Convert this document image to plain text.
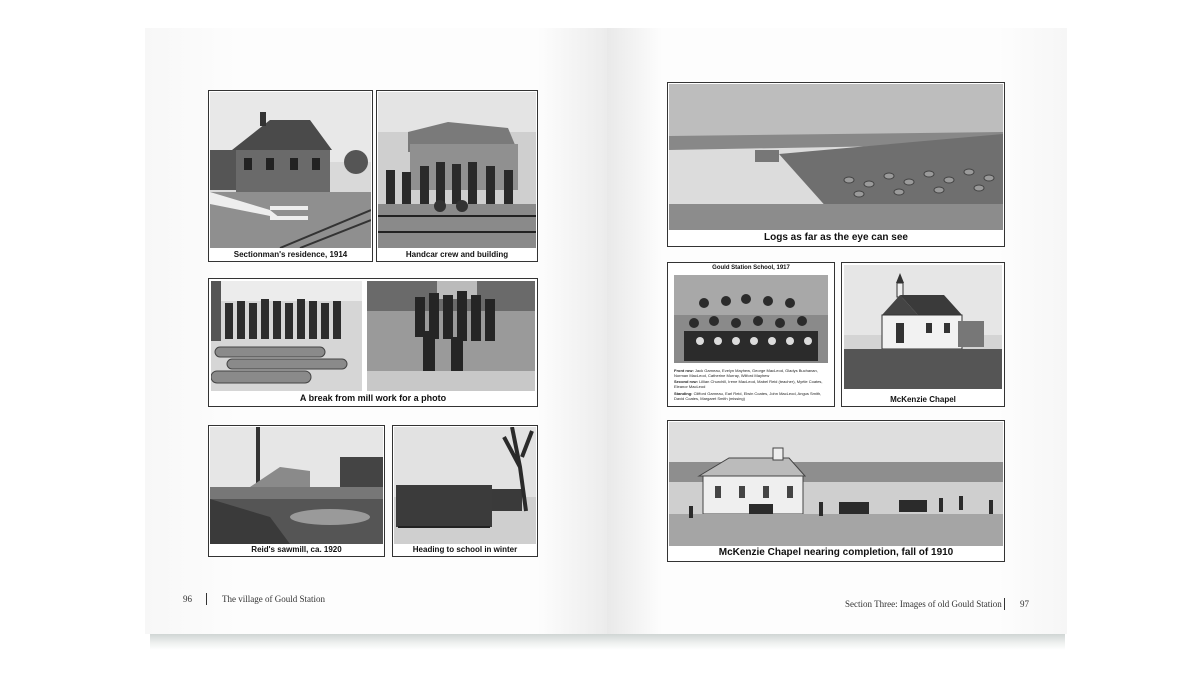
Sectionman's residence, 1914	Handcar crew and building
A break from mill work for a photo
Reid's sawmill, ca. 1920	Heading to school in winter
96	The village of Gould Station
Logs as far as the eye can see
Gould Station School, 1917
Front row: Jack Garneau, Evelyn Mayhew, George MacLeod, Gladys Buchanan, Norman MacLeod, Catherine Murray, Wilford Mayhew
Second row: Lillian Churchill, Irene MacLeod, Mabel Reid (teacher), Myrtle Coates, Eleanor MacLeod
Standing: Clifford Garneau, Earl Reid, Elwin Coates, John MacLeod, Angus Smith, David Coates, Margaret Smith (missing)	McKenzie Chapel
McKenzie Chapel nearing completion, fall of 1910
Section Three: Images of old Gould Station 97
